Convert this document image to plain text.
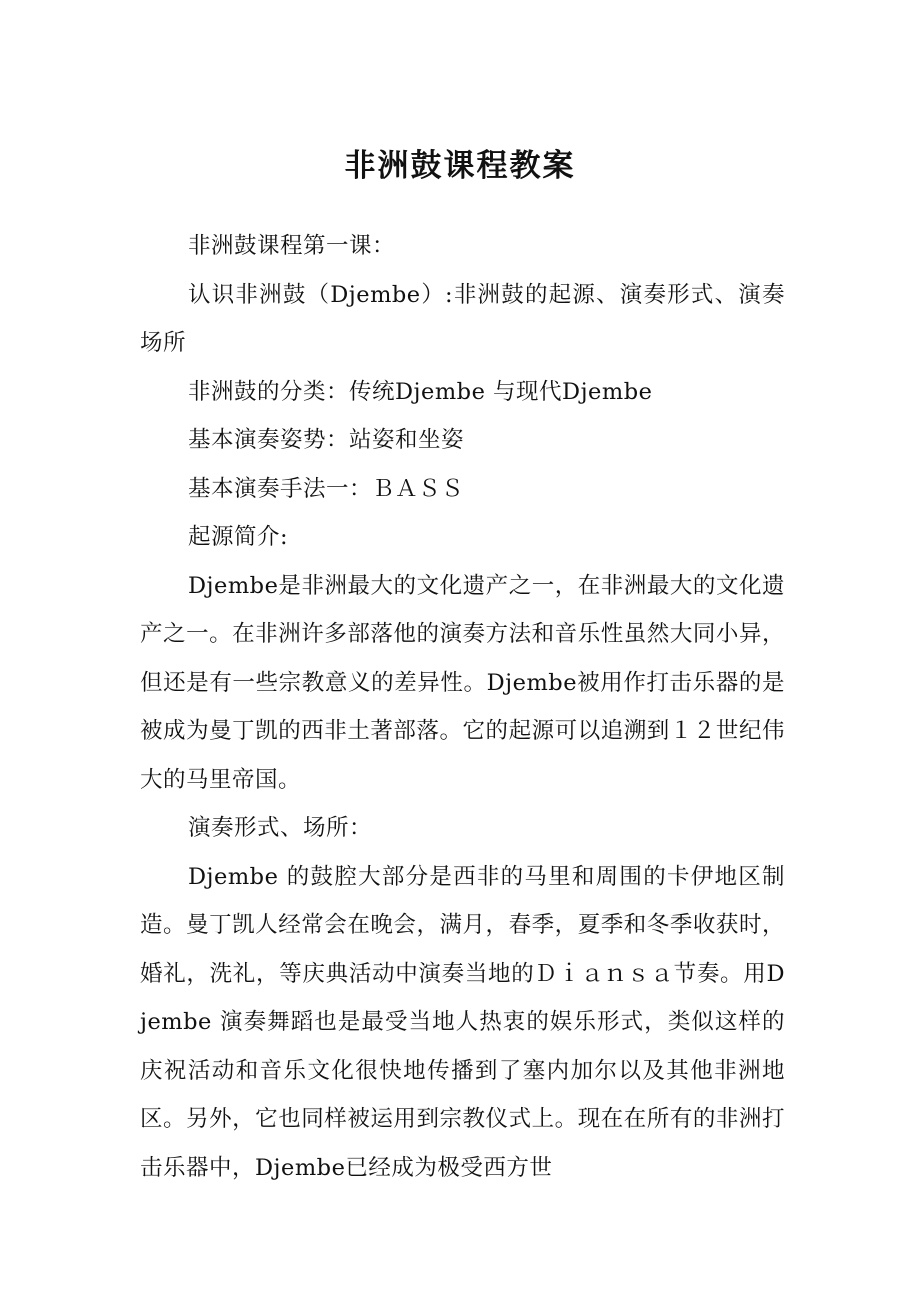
非洲鼓课程教案

非洲鼓课程第一课：

认识非洲鼓（Djembe）:非洲鼓的起源、演奏形式、演奏场所

非洲鼓的分类：传统Djembe 与现代Djembe

基本演奏姿势：站姿和坐姿

基本演奏手法一：ＢＡＳＳ

起源简介:

Djembe是非洲最大的文化遗产之一，在非洲最大的文化遗产之一。在非洲许多部落他的演奏方法和音乐性虽然大同小异，但还是有一些宗教意义的差异性。Djembe被用作打击乐器的是被成为曼丁凯的西非土著部落。它的起源可以追溯到１２世纪伟大的马里帝国。

演奏形式、场所：

Djembe 的鼓腔大部分是西非的马里和周围的卡伊地区制造。曼丁凯人经常会在晚会，满月，春季，夏季和冬季收获时，婚礼，洗礼，等庆典活动中演奏当地的Ｄｉａｎｓａ节奏。用Djembe 演奏舞蹈也是最受当地人热衷的娱乐形式，类似这样的庆祝活动和音乐文化很快地传播到了塞内加尔以及其他非洲地区。另外，它也同样被运用到宗教仪式上。现在在所有的非洲打击乐器中，Djembe已经成为极受西方世
